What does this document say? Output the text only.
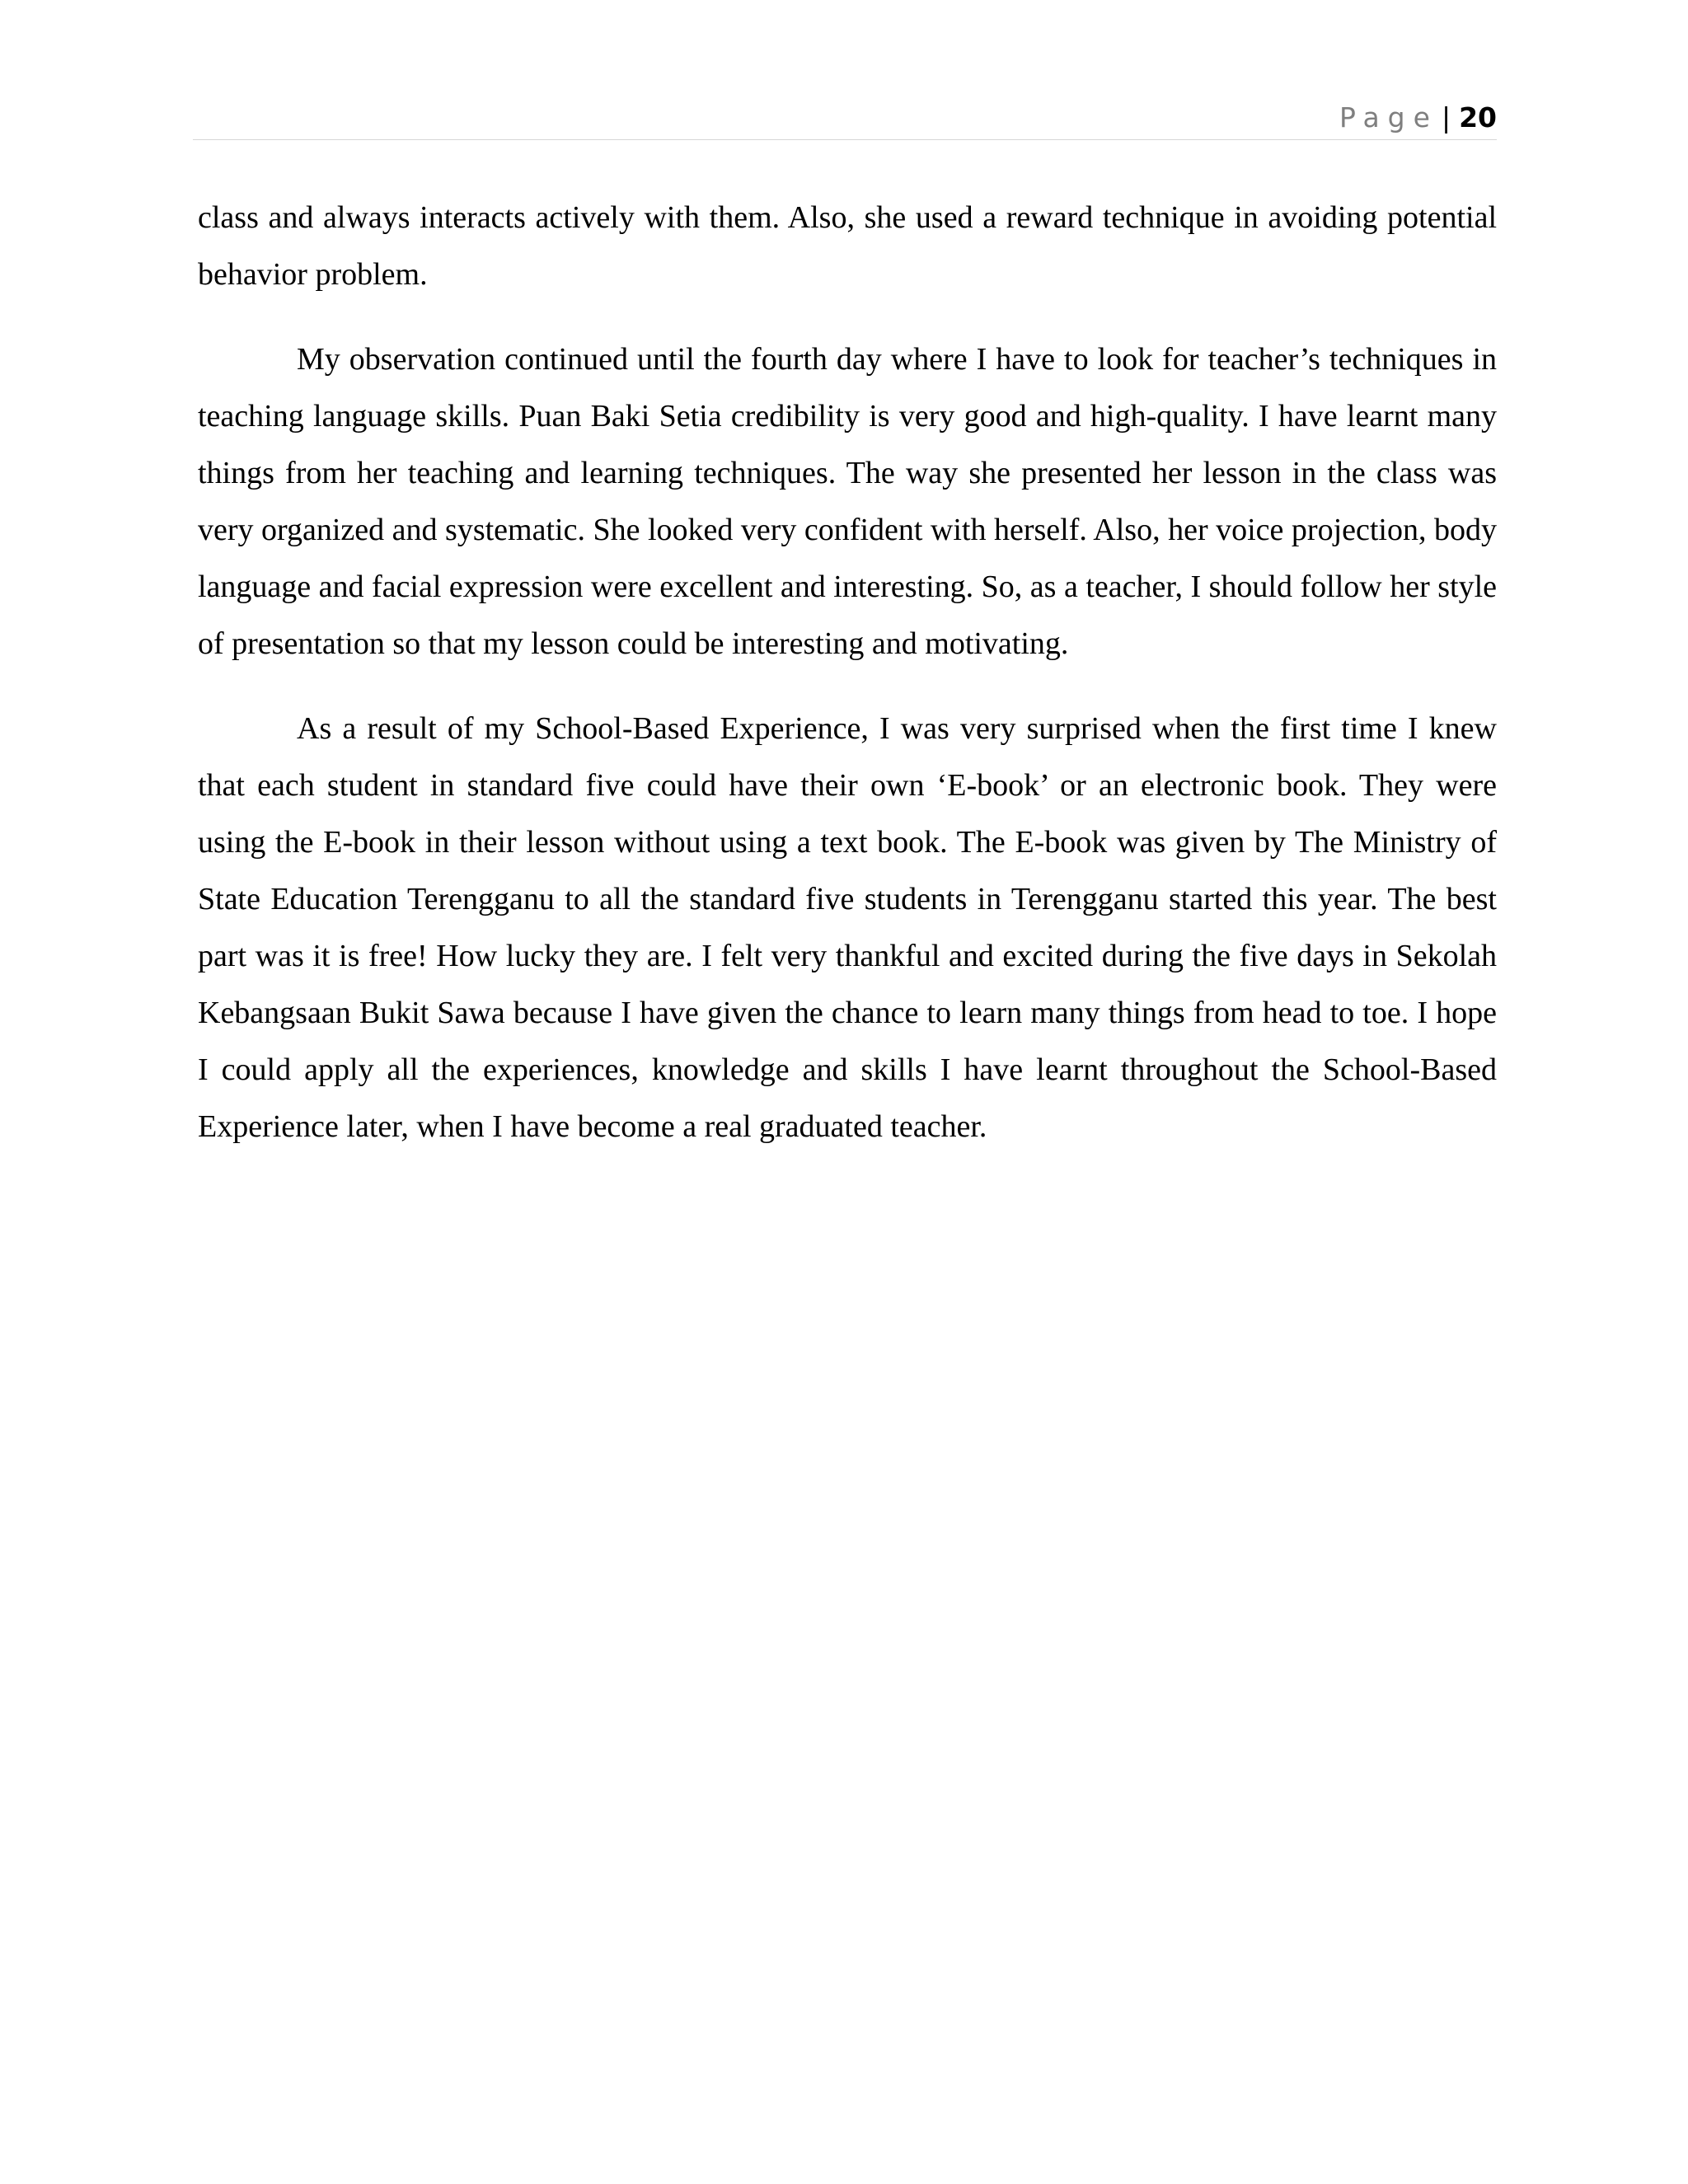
Page | 20

class and always interacts actively with them. Also, she used a reward technique in avoiding potential behavior problem.

My observation continued until the fourth day where I have to look for teacher’s techniques in teaching language skills. Puan Baki Setia credibility is very good and high-quality. I have learnt many things from her teaching and learning techniques. The way she presented her lesson in the class was very organized and systematic. She looked very confident with herself. Also, her voice projection, body language and facial expression were excellent and interesting. So, as a teacher, I should follow her style of presentation so that my lesson could be interesting and motivating.

As a result of my School-Based Experience, I was very surprised when the first time I knew that each student in standard five could have their own ‘E-book’ or an electronic book. They were using the E-book in their lesson without using a text book. The E-book was given by The Ministry of State Education Terengganu to all the standard five students in Terengganu started this year. The best part was it is free! How lucky they are. I felt very thankful and excited during the five days in Sekolah Kebangsaan Bukit Sawa because I have given the chance to learn many things from head to toe. I hope I could apply all the experiences, knowledge and skills I have learnt throughout the School-Based Experience later, when I have become a real graduated teacher.
